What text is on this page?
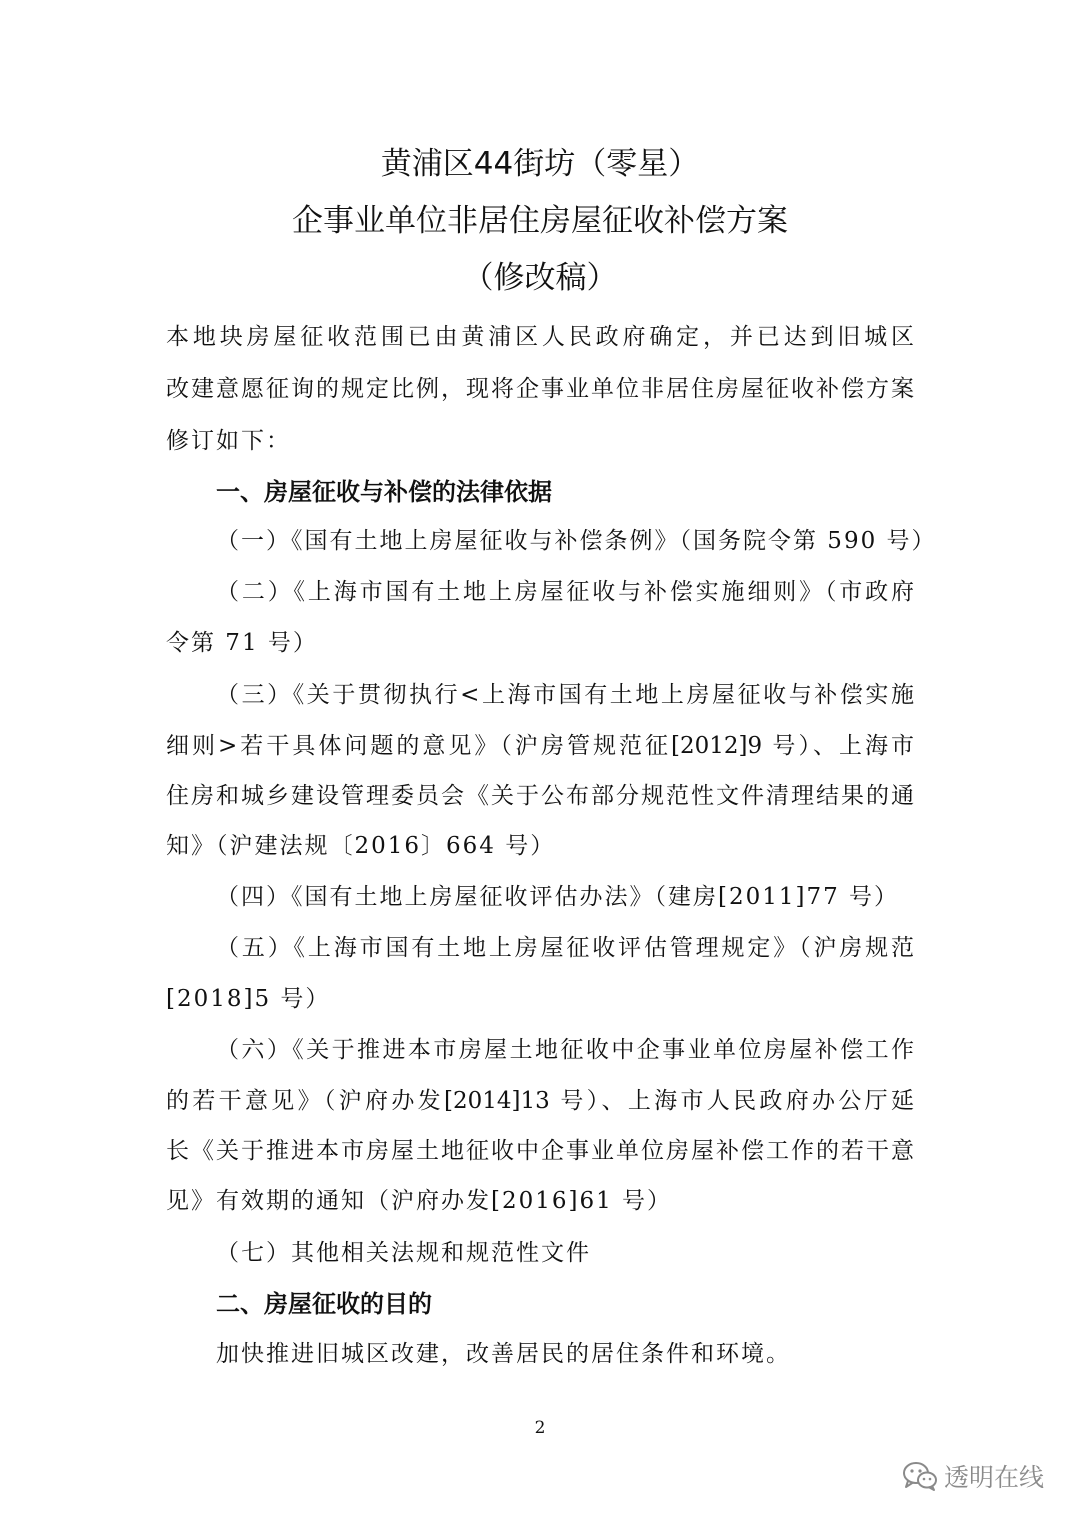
黄浦区44街坊（零星）
企事业单位非居住房屋征收补偿方案
（修改稿）
本地块房屋征收范围已由黄浦区人民政府确定，并已达到旧城区
改建意愿征询的规定比例，现将企事业单位非居住房屋征收补偿方案
修订如下：
一、房屋征收与补偿的法律依据
（一）《国有土地上房屋征收与补偿条例》（国务院令第 590 号）
（二）《上海市国有土地上房屋征收与补偿实施细则》（市政府
令第 71 号）
（三）《关于贯彻执行<上海市国有土地上房屋征收与补偿实施
细则>若干具体问题的意见》（沪房管规范征[2012]9 号）、上海市
住房和城乡建设管理委员会《关于公布部分规范性文件清理结果的通
知》（沪建法规〔2016〕664 号）
（四）《国有土地上房屋征收评估办法》（建房[2011]77 号）
（五）《上海市国有土地上房屋征收评估管理规定》（沪房规范
[2018]5 号）
（六）《关于推进本市房屋土地征收中企事业单位房屋补偿工作
的若干意见》（沪府办发[2014]13 号）、上海市人民政府办公厅延
长《关于推进本市房屋土地征收中企事业单位房屋补偿工作的若干意
见》有效期的通知（沪府办发[2016]61 号）
（七）其他相关法规和规范性文件
二、房屋征收的目的
加快推进旧城区改建，改善居民的居住条件和环境。
2
透明在线
